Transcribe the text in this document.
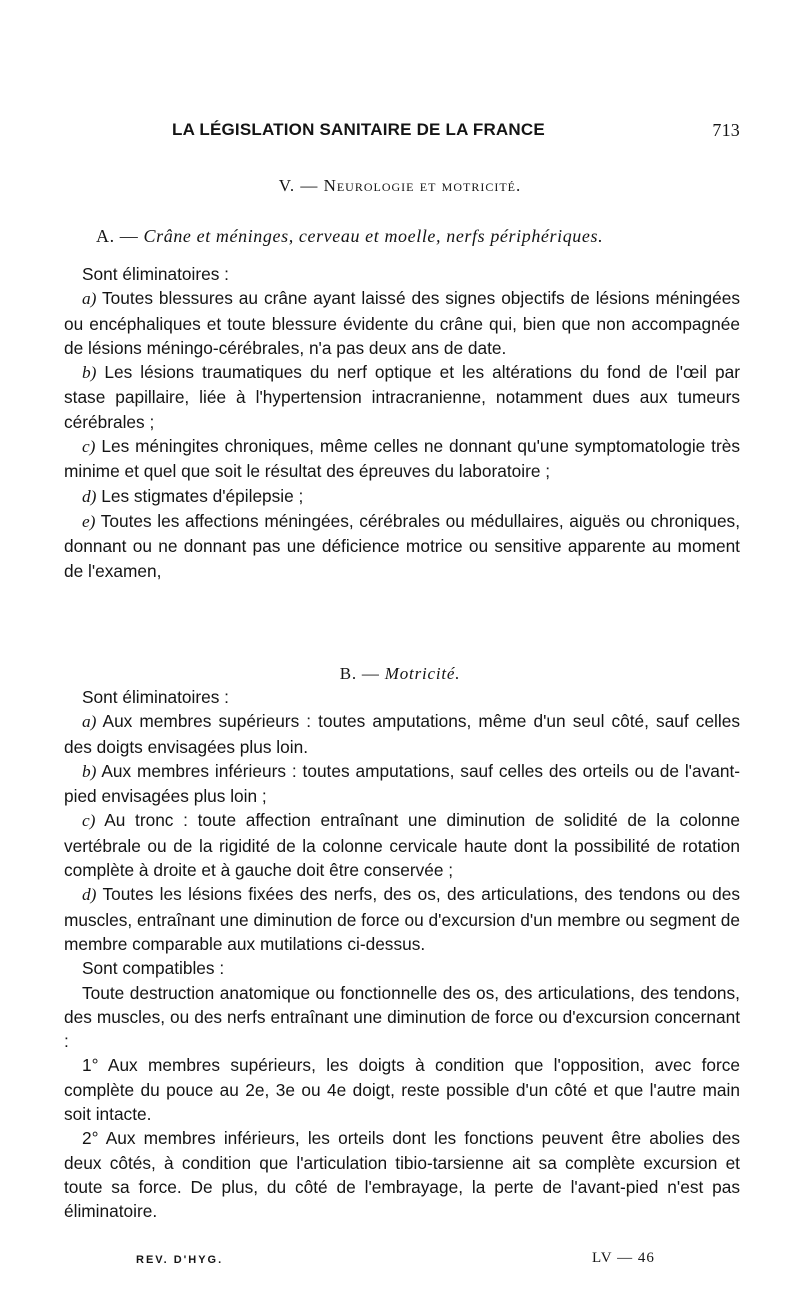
LA LÉGISLATION SANITAIRE DE LA FRANCE	713
V. — Neurologie et motricité.
A. — Crâne et méninges, cerveau et moelle, nerfs périphériques.

Sont éliminatoires :

a) Toutes blessures au crâne ayant laissé des signes objectifs de lésions méningées ou encéphaliques et toute blessure évidente du crâne qui, bien que non accompagnée de lésions méningo-cérébrales, n'a pas deux ans de date.

b) Les lésions traumatiques du nerf optique et les altérations du fond de l'œil par stase papillaire, liée à l'hypertension intracranienne, notamment dues aux tumeurs cérébrales ;

c) Les méningites chroniques, même celles ne donnant qu'une symptomatologie très minime et quel que soit le résultat des épreuves du laboratoire ;

d) Les stigmates d'épilepsie ;

e) Toutes les affections méningées, cérébrales ou médullaires, aiguës ou chroniques, donnant ou ne donnant pas une déficience motrice ou sensitive apparente au moment de l'examen,

B. — Motricité.

Sont éliminatoires :

a) Aux membres supérieurs : toutes amputations, même d'un seul côté, sauf celles des doigts envisagées plus loin.

b) Aux membres inférieurs : toutes amputations, sauf celles des orteils ou de l'avant-pied envisagées plus loin ;

c) Au tronc : toute affection entraînant une diminution de solidité de la colonne vertébrale ou de la rigidité de la colonne cervicale haute dont la possibilité de rotation complète à droite et à gauche doit être conservée ;

d) Toutes les lésions fixées des nerfs, des os, des articulations, des tendons ou des muscles, entraînant une diminution de force ou d'excursion d'un membre ou segment de membre comparable aux mutilations ci-dessus.

Sont compatibles :

Toute destruction anatomique ou fonctionnelle des os, des articulations, des tendons, des muscles, ou des nerfs entraînant une diminution de force ou d'excursion concernant :

1° Aux membres supérieurs, les doigts à condition que l'opposition, avec force complète du pouce au 2e, 3e ou 4e doigt, reste possible d'un côté et que l'autre main soit intacte.

2° Aux membres inférieurs, les orteils dont les fonctions peuvent être abolies des deux côtés, à condition que l'articulation tibio-tarsienne ait sa complète excursion et toute sa force. De plus, du côté de l'embrayage, la perte de l'avant-pied n'est pas éliminatoire.

REV. D'HYG.	LV — 46
